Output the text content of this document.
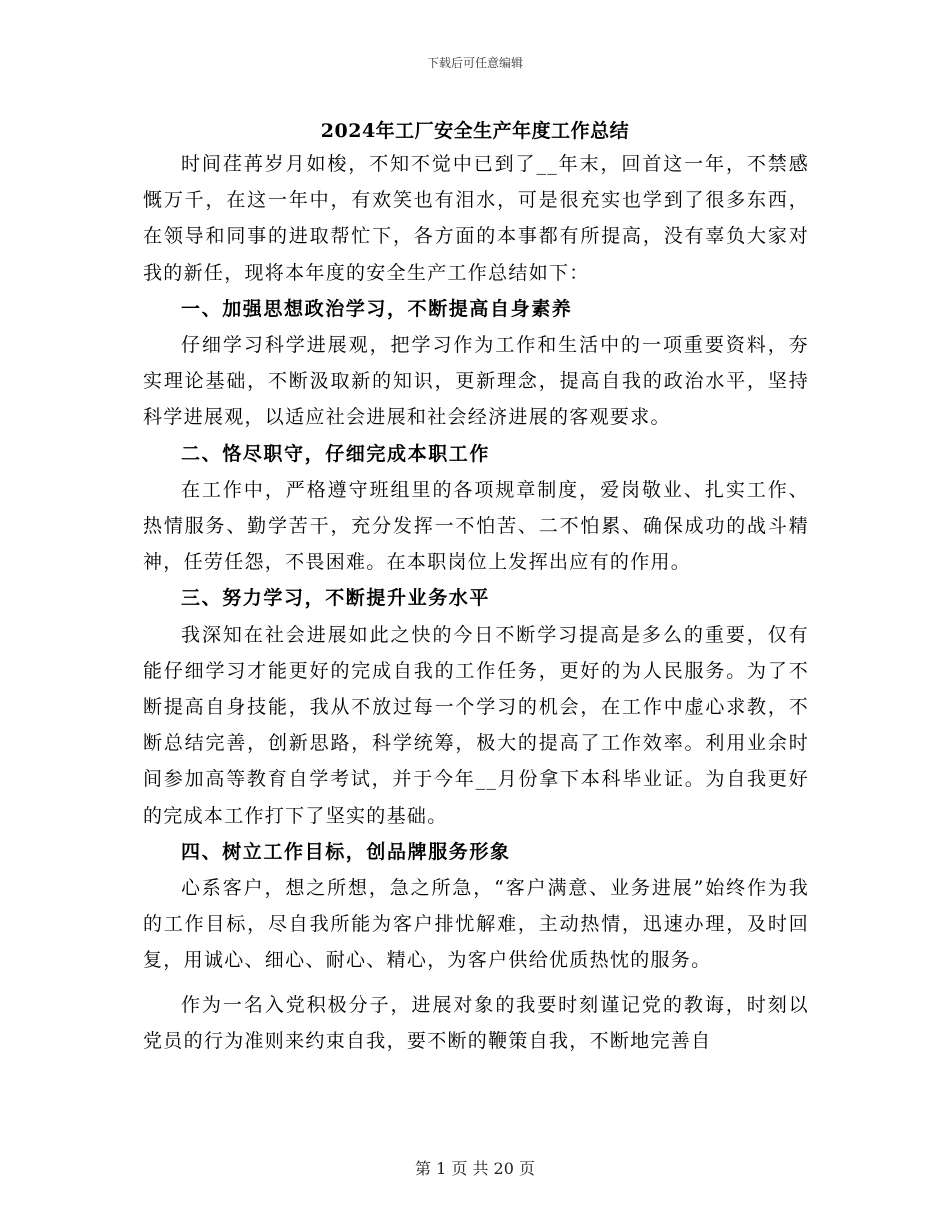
下载后可任意编辑
2024年工厂安全生产年度工作总结

时间荏苒岁月如梭，不知不觉中已到了__年末，回首这一年，不禁感慨万千，在这一年中，有欢笑也有泪水，可是很充实也学到了很多东西，在领导和同事的进取帮忙下，各方面的本事都有所提高，没有辜负大家对我的新任，现将本年度的安全生产工作总结如下：

一、加强思想政治学习，不断提高自身素养

仔细学习科学进展观，把学习作为工作和生活中的一项重要资料，夯实理论基础，不断汲取新的知识，更新理念，提高自我的政治水平，坚持科学进展观，以适应社会进展和社会经济进展的客观要求。

二、恪尽职守，仔细完成本职工作

在工作中，严格遵守班组里的各项规章制度，爱岗敬业、扎实工作、热情服务、勤学苦干，充分发挥一不怕苦、二不怕累、确保成功的战斗精神，任劳任怨，不畏困难。在本职岗位上发挥出应有的作用。

三、努力学习，不断提升业务水平

我深知在社会进展如此之快的今日不断学习提高是多么的重要，仅有能仔细学习才能更好的完成自我的工作任务，更好的为人民服务。为了不断提高自身技能，我从不放过每一个学习的机会，在工作中虚心求教，不断总结完善，创新思路，科学统筹，极大的提高了工作效率。利用业余时间参加高等教育自学考试，并于今年__月份拿下本科毕业证。为自我更好的完成本工作打下了坚实的基础。

四、树立工作目标，创品牌服务形象

心系客户，想之所想，急之所急，“客户满意、业务进展”始终作为我的工作目标，尽自我所能为客户排忧解难，主动热情，迅速办理，及时回复，用诚心、细心、耐心、精心，为客户供给优质热忱的服务。

作为一名入党积极分子，进展对象的我要时刻谨记党的教诲，时刻以党员的行为准则来约束自我，要不断的鞭策自我，不断地完善自

第 1 页 共 20 页
